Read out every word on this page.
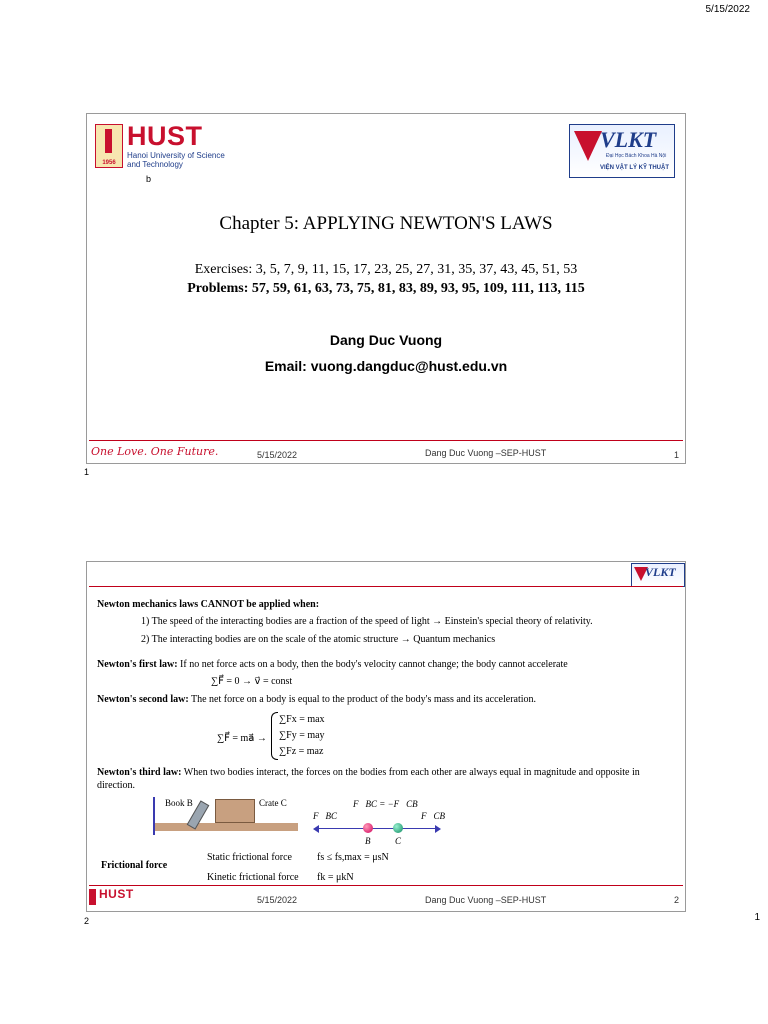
5/15/2022
1956
HUST
Hanoi University of Science and Technology
VLKT
Đại Học Bách Khoa Hà Nội
VIỆN VẬT LÝ KỸ THUẬT
b
Chapter 5: APPLYING NEWTON'S LAWS
Exercises: 3, 5, 7, 9, 11, 15, 17, 23, 25, 27, 31, 35, 37, 43, 45, 51, 53
Problems: 57, 59, 61, 63, 73, 75, 81, 83, 89, 93, 95, 109, 111, 113, 115
Dang Duc Vuong
Email: vuong.dangduc@hust.edu.vn
One Love. One Future.	5/15/2022	Dang Duc Vuong –SEP-HUST	1
1
VLKT
Newton mechanics laws CANNOT be applied when:
1) The speed of the interacting bodies are a fraction of the speed of light → Einstein's special theory of relativity.
2) The interacting bodies are on the scale of the atomic structure → Quantum mechanics
Newton's first law: If no net force acts on a body, then the body's velocity cannot change; the body cannot accelerate
∑F⃗ = 0 → v⃗ = const
Newton's second law: The net force on a body is equal to the product of the body's mass and its acceleration.
∑F⃗ = ma⃗ →
∑Fx = max
∑Fy = may
∑Fz = maz
Newton's third law: When two bodies interact, the forces on the bodies from each other are always equal in magnitude and opposite in direction.
Book B	Crate C	F⃗BC = −F⃗CB
F⃗BC	F⃗CB
B	C
Frictional force
Static frictional force	fs ≤ fs,max = μsN
Kinetic frictional force	fk = μkN
HUST	5/15/2022	Dang Duc Vuong –SEP-HUST	2
2	1
